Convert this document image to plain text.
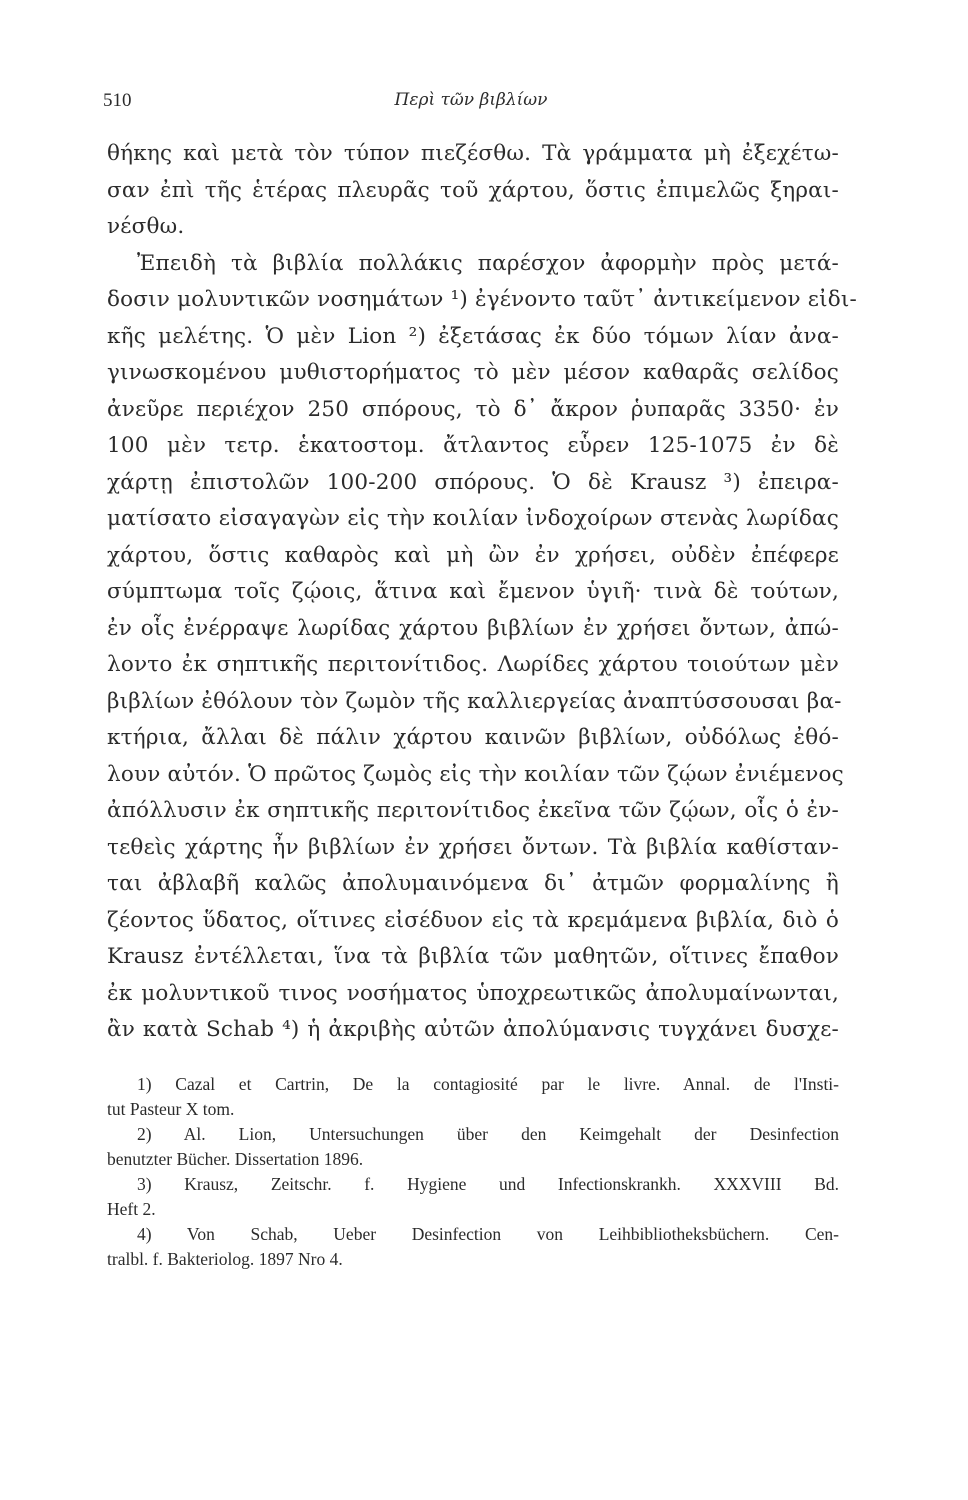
510	Περὶ τῶν βιβλίων
θήκης καὶ μετὰ τὸν τύπον πιεζέσθω. Τὰ γράμματα μὴ ἐξεχέτω-
σαν ἐπὶ τῆς ἑτέρας πλευρᾶς τοῦ χάρτου, ὅστις ἐπιμελῶς ξηραι-
νέσθω.
Ἐπειδὴ τὰ βιβλία πολλάκις παρέσχον ἀφορμὴν πρὸς μετά-
δοσιν μολυντικῶν νοσημάτων ¹) ἐγένοντο ταῦτ᾿ ἀντικείμενον εἰδι-
κῆς μελέτης. Ὁ μὲν Lion ²) ἐξετάσας ἐκ δύο τόμων λίαν ἀνα-
γινωσκομένου μυθιστορήματος τὸ μὲν μέσον καθαρᾶς σελίδος
ἀνεῦρε περιέχον 250 σπόρους, τὸ δ᾿ ἄκρον ῥυπαρᾶς 3350· ἐν
100 μὲν τετρ. ἑκατοστομ. ἄτλαντος εὗρεν 125-1075 ἐν δὲ
χάρτῃ ἐπιστολῶν 100-200 σπόρους. Ὁ δὲ Krausz ³) ἐπειρα-
ματίσατο εἰσαγαγὼν εἰς τὴν κοιλίαν ἰνδοχοίρων στενὰς λωρίδας
χάρτου, ὅστις καθαρὸς καὶ μὴ ὢν ἐν χρήσει, οὐδὲν ἐπέφερε
σύμπτωμα τοῖς ζῴοις, ἅτινα καὶ ἔμενον ὑγιῆ· τινὰ δὲ τούτων,
ἐν οἷς ἐνέρραψε λωρίδας χάρτου βιβλίων ἐν χρήσει ὄντων, ἀπώ-
λοντο ἐκ σηπτικῆς περιτονίτιδος. Λωρίδες χάρτου τοιούτων μὲν
βιβλίων ἐθόλουν τὸν ζωμὸν τῆς καλλιεργείας ἀναπτύσσουσαι βα-
κτήρια, ἄλλαι δὲ πάλιν χάρτου καινῶν βιβλίων, οὐδόλως ἐθό-
λουν αὐτόν. Ὁ πρῶτος ζωμὸς εἰς τὴν κοιλίαν τῶν ζῴων ἐνιέμενος
ἀπόλλυσιν ἐκ σηπτικῆς περιτονίτιδος ἐκεῖνα τῶν ζῴων, οἷς ὁ ἐν-
τεθεὶς χάρτης ἦν βιβλίων ἐν χρήσει ὄντων. Τὰ βιβλία καθίσταν-
ται ἀβλαβῆ καλῶς ἀπολυμαινόμενα δι᾿ ἀτμῶν φορμαλίνης ἢ
ζέοντος ὕδατος, οἵτινες εἰσέδυον εἰς τὰ κρεμάμενα βιβλία, διὸ ὁ
Krausz ἐντέλλεται, ἵνα τὰ βιβλία τῶν μαθητῶν, οἵτινες ἔπαθον
ἐκ μολυντικοῦ τινος νοσήματος ὑποχρεωτικῶς ἀπολυμαίνωνται,
ἂν κατὰ Schab ⁴) ἡ ἀκριβὴς αὐτῶν ἀπολύμανσις τυγχάνει δυσχε-
1) Cazal et Cartrin, De la contagiosité par le livre. Annal. de l'Insti-
tut Pasteur X tom.
2) Al. Lion, Untersuchungen über den Keimgehalt der Desinfection
benutzter Bücher. Dissertation 1896.
3) Krausz, Zeitschr. f. Hygiene und Infectionskrankh. XXXVIII Bd.
Heft 2.
4) Von Schab, Ueber Desinfection von Leihbibliotheksbüchern. Cen-
tralbl. f. Bakteriolog. 1897 Nro 4.
